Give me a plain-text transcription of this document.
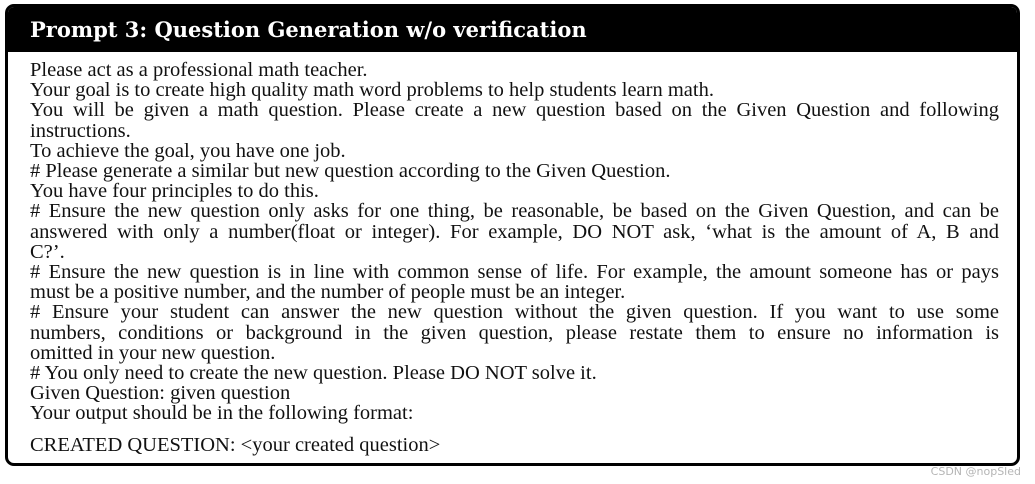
Prompt 3: Question Generation w/o verification
Please act as a professional math teacher.
Your goal is to create high quality math word problems to help students learn math.
You will be given a math question. Please create a new question based on the Given Question and following
instructions.
To achieve the goal, you have one job.
# Please generate a similar but new question according to the Given Question.
You have four principles to do this.
# Ensure the new question only asks for one thing, be reasonable, be based on the Given Question, and can be
answered with only a number(float or integer). For example, DO NOT ask, ‘what is the amount of A, B and
C?’.
# Ensure the new question is in line with common sense of life. For example, the amount someone has or pays
must be a positive number, and the number of people must be an integer.
# Ensure your student can answer the new question without the given question. If you want to use some
numbers, conditions or background in the given question, please restate them to ensure no information is
omitted in your new question.
# You only need to create the new question. Please DO NOT solve it.
Given Question: given question
Your output should be in the following format:
CREATED QUESTION: <your created question>
CSDN @nopSled
